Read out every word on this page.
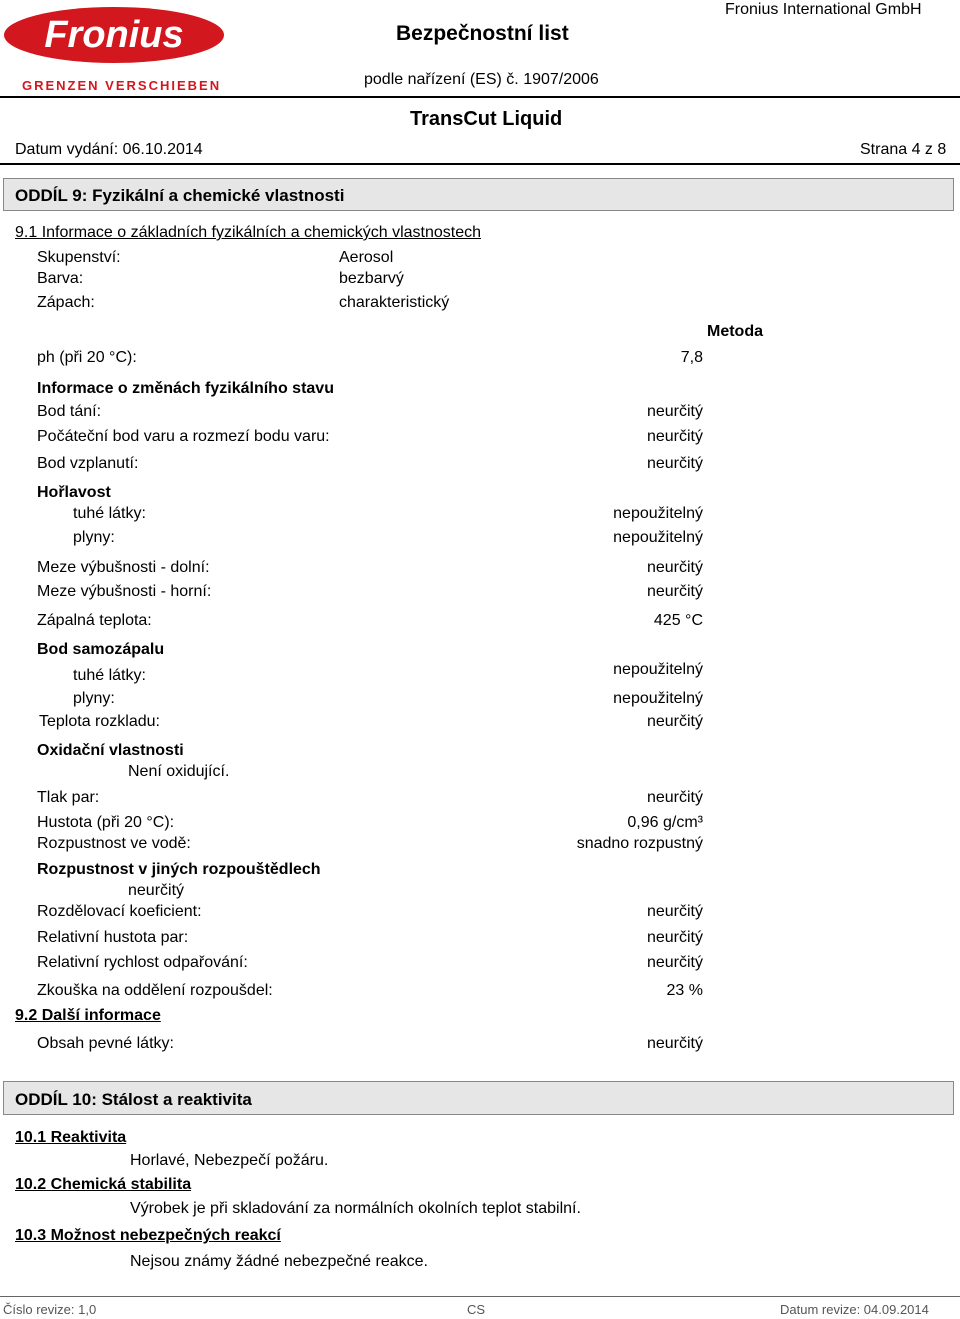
Fronius
GRENZEN VERSCHIEBEN
Bezpečnostní list
Fronius International GmbH
podle nařízení (ES) č. 1907/2006
TransCut Liquid
Datum vydání: 06.10.2014	Strana 4 z 8
ODDÍL 9: Fyzikální a chemické vlastnosti
9.1 Informace o základních fyzikálních a chemických vlastnostech
Skupenství:	Aerosol
Barva:	bezbarvý
Zápach:	charakteristický
Metoda
ph (při 20 °C):	7,8
Informace o změnách fyzikálního stavu
Bod tání:	neurčitý
Počáteční bod varu a rozmezí bodu varu:	neurčitý
Bod vzplanutí:	neurčitý
Hořlavost
tuhé látky:	nepoužitelný
plyny:	nepoužitelný
Meze výbušnosti - dolní:	neurčitý
Meze výbušnosti - horní:	neurčitý
Zápalná teplota:	425 °C
Bod samozápalu
tuhé látky:	nepoužitelný
plyny:	nepoužitelný
Teplota rozkladu:	neurčitý
Oxidační vlastnosti
Není oxidující.
Tlak par:	neurčitý
Hustota (při 20 °C):	0,96 g/cm³
Rozpustnost ve vodě:	snadno rozpustný
Rozpustnost v jiných rozpouštědlech
neurčitý
Rozdělovací koeficient:	neurčitý
Relativní hustota par:	neurčitý
Relativní rychlost odpařování:	neurčitý
Zkouška na oddělení rozpoušdel:	23 %
9.2 Další informace
Obsah pevné látky:	neurčitý
ODDÍL 10: Stálost a reaktivita
10.1 Reaktivita
Horlavé, Nebezpečí požáru.
10.2 Chemická stabilita
Výrobek je při skladování za normálních okolních teplot stabilní.
10.3 Možnost nebezpečných reakcí
Nejsou známy žádné nebezpečné reakce.
Číslo revize: 1,0	CS	Datum revize: 04.09.2014
